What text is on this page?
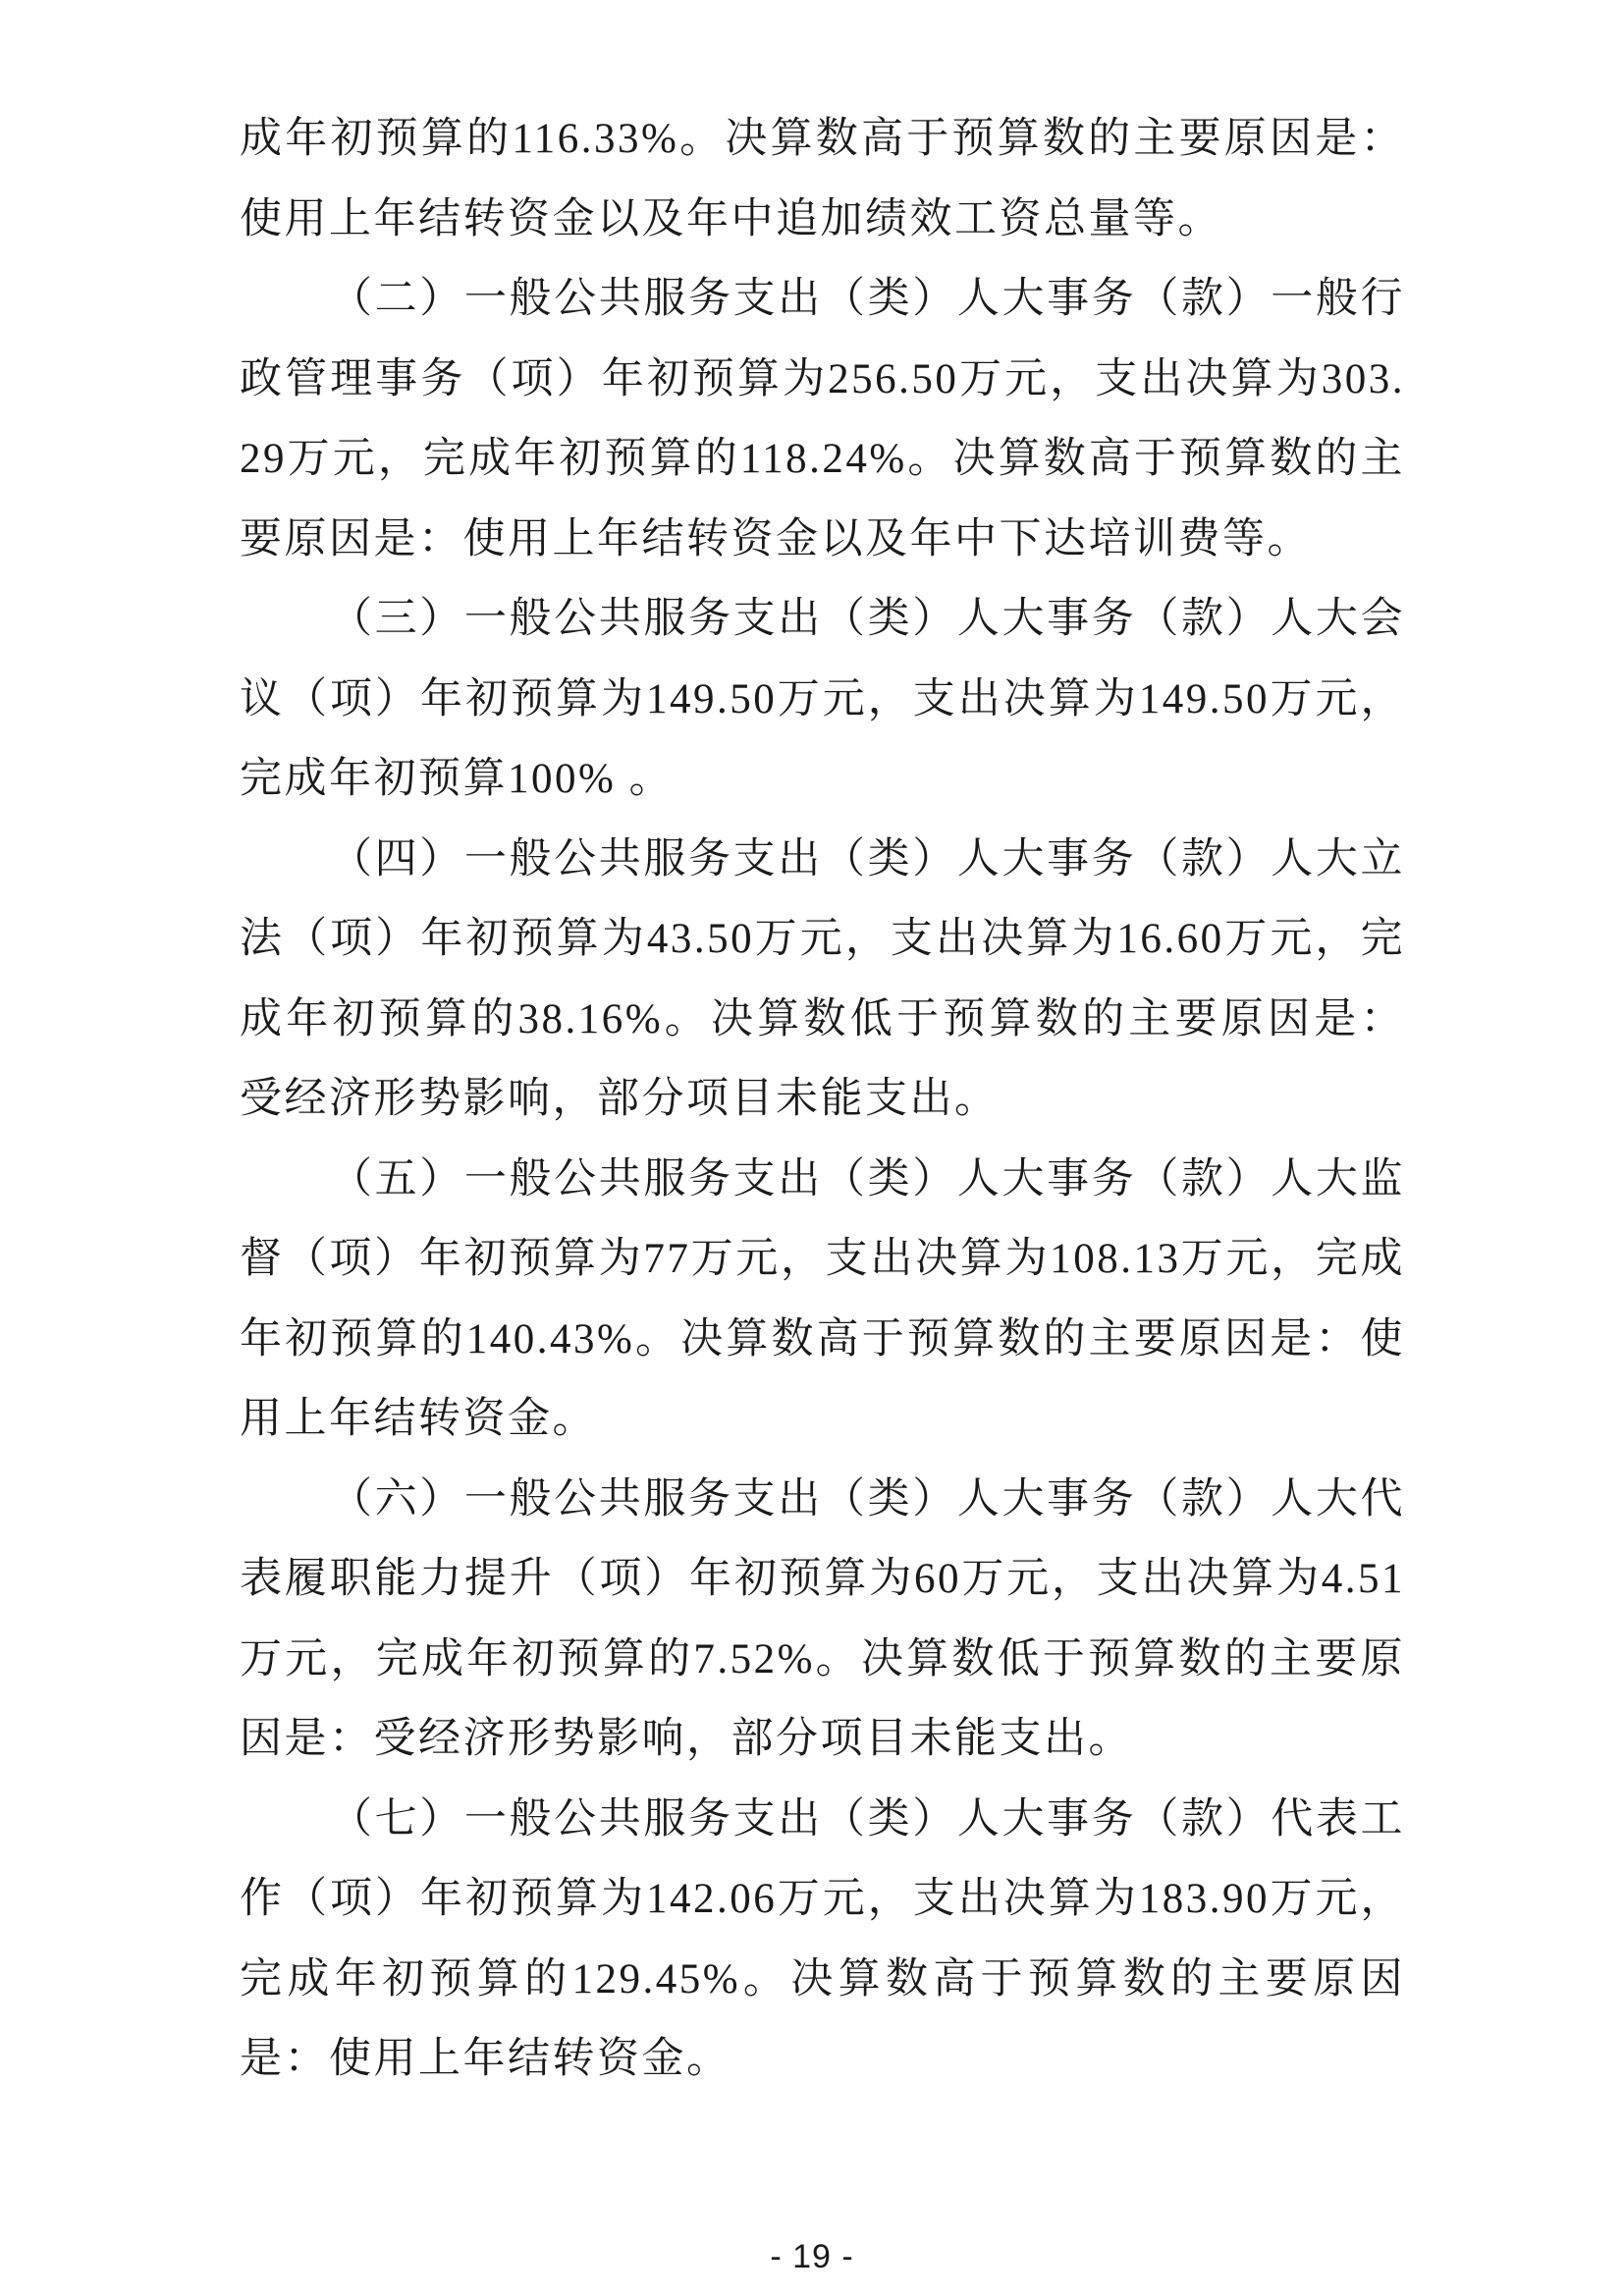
成年初预算的116.33%。决算数高于预算数的主要原因是：使用上年结转资金以及年中追加绩效工资总量等。

（二）一般公共服务支出（类）人大事务（款）一般行政管理事务（项）年初预算为256.50万元，支出决算为303.29万元，完成年初预算的118.24%。决算数高于预算数的主要原因是：使用上年结转资金以及年中下达培训费等。

（三）一般公共服务支出（类）人大事务（款）人大会议（项）年初预算为149.50万元，支出决算为149.50万元，完成年初预算100% 。

（四）一般公共服务支出（类）人大事务（款）人大立法（项）年初预算为43.50万元，支出决算为16.60万元，完成年初预算的38.16%。决算数低于预算数的主要原因是：受经济形势影响，部分项目未能支出。

（五）一般公共服务支出（类）人大事务（款）人大监督（项）年初预算为77万元，支出决算为108.13万元，完成年初预算的140.43%。决算数高于预算数的主要原因是：使用上年结转资金。

（六）一般公共服务支出（类）人大事务（款）人大代表履职能力提升（项）年初预算为60万元，支出决算为4.51万元，完成年初预算的7.52%。决算数低于预算数的主要原因是：受经济形势影响，部分项目未能支出。

（七）一般公共服务支出（类）人大事务（款）代表工作（项）年初预算为142.06万元，支出决算为183.90万元，完成年初预算的129.45%。决算数高于预算数的主要原因是：使用上年结转资金。

- 19 -
